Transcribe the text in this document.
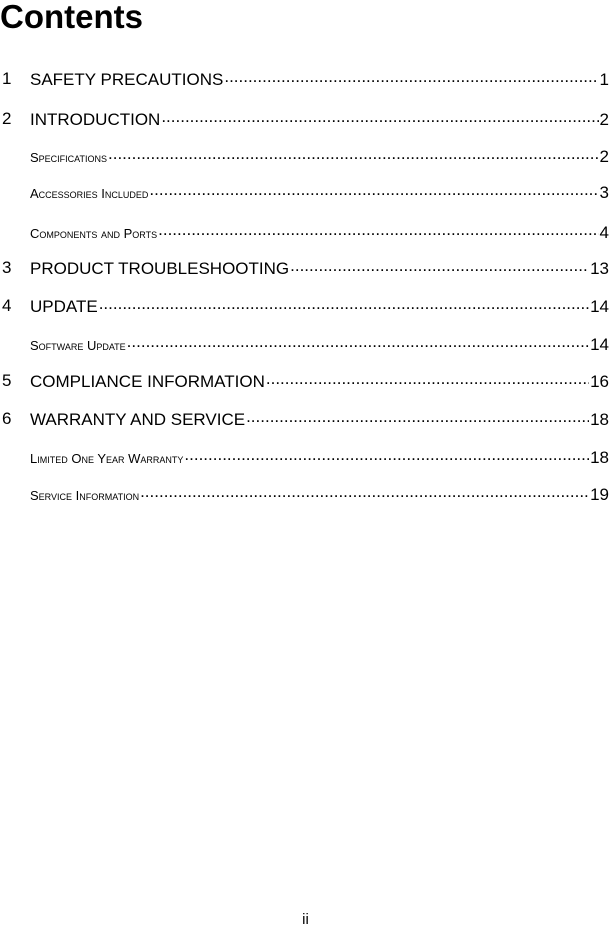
Contents
1 SAFETY PRECAUTIONS .....	1
2 INTRODUCTION .....	2
Specifications .....	2
Accessories Included .....	3
Components and Ports .....	4
3 PRODUCT TROUBLESHOOTING .....	13
4 UPDATE .....	14
Software Update .....	14
5 COMPLIANCE INFORMATION .....	16
6 WARRANTY AND SERVICE .....	18
Limited One Year Warranty .....	18
Service Information .....	19
ii
